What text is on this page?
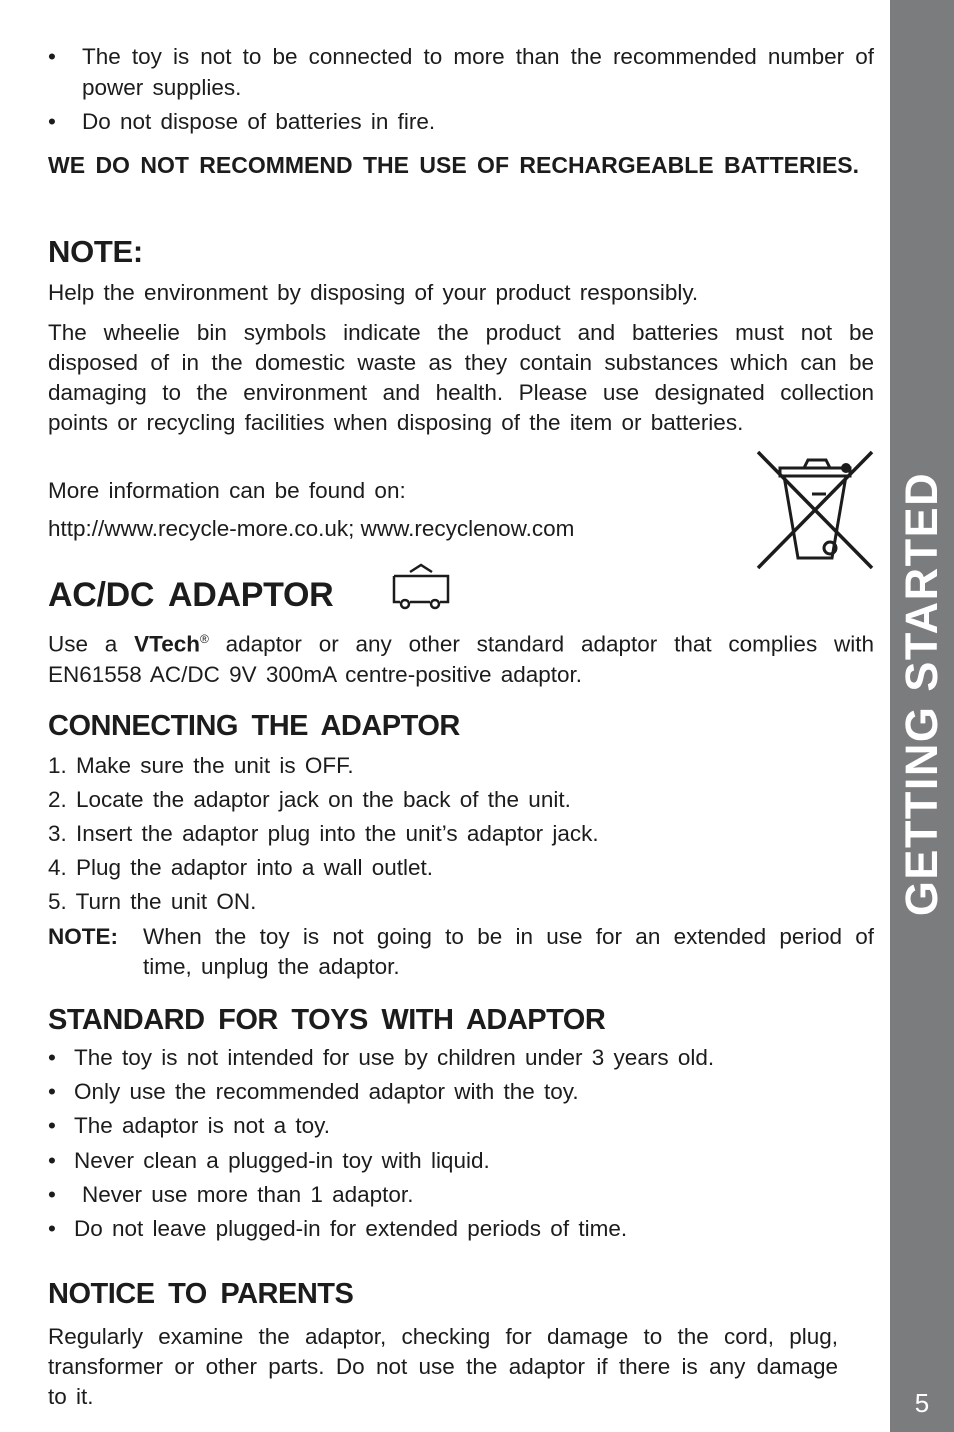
• The toy is not to be connected to more than the recommended number of power supplies.
• Do not dispose of batteries in fire.

WE DO NOT RECOMMEND THE USE OF RECHARGEABLE BATTERIES.

NOTE:

Help the environment by disposing of your product responsibly.

The wheelie bin symbols indicate the product and batteries must not be disposed of in the domestic waste as they contain substances which can be damaging to the environment and health. Please use designated collection points or recycling facilities when disposing of the item or batteries.

More information can be found on:

http://www.recycle-more.co.uk; www.recyclenow.com

AC/DC ADAPTOR

Use a VTech® adaptor or any other standard adaptor that complies with EN61558 AC/DC 9V 300mA centre-positive adaptor.

CONNECTING THE ADAPTOR
1. Make sure the unit is OFF.
2. Locate the adaptor jack on the back of the unit.
3. Insert the adaptor plug into the unit’s adaptor jack.
4. Plug the adaptor into a wall outlet.
5. Turn the unit ON.
NOTE: When the toy is not going to be in use for an extended period of time, unplug the adaptor.
STANDARD FOR TOYS WITH ADAPTOR
• The toy is not intended for use by children under 3 years old.
• Only use the recommended adaptor with the toy.
• The adaptor is not a toy.
• Never clean a plugged-in toy with liquid.
• Never use more than 1 adaptor.
• Do not leave plugged-in for extended periods of time.
NOTICE TO PARENTS

Regularly examine the adaptor, checking for damage to the cord, plug, transformer or other parts. Do not use the adaptor if there is any damage to it.

GETTING STARTED
5
